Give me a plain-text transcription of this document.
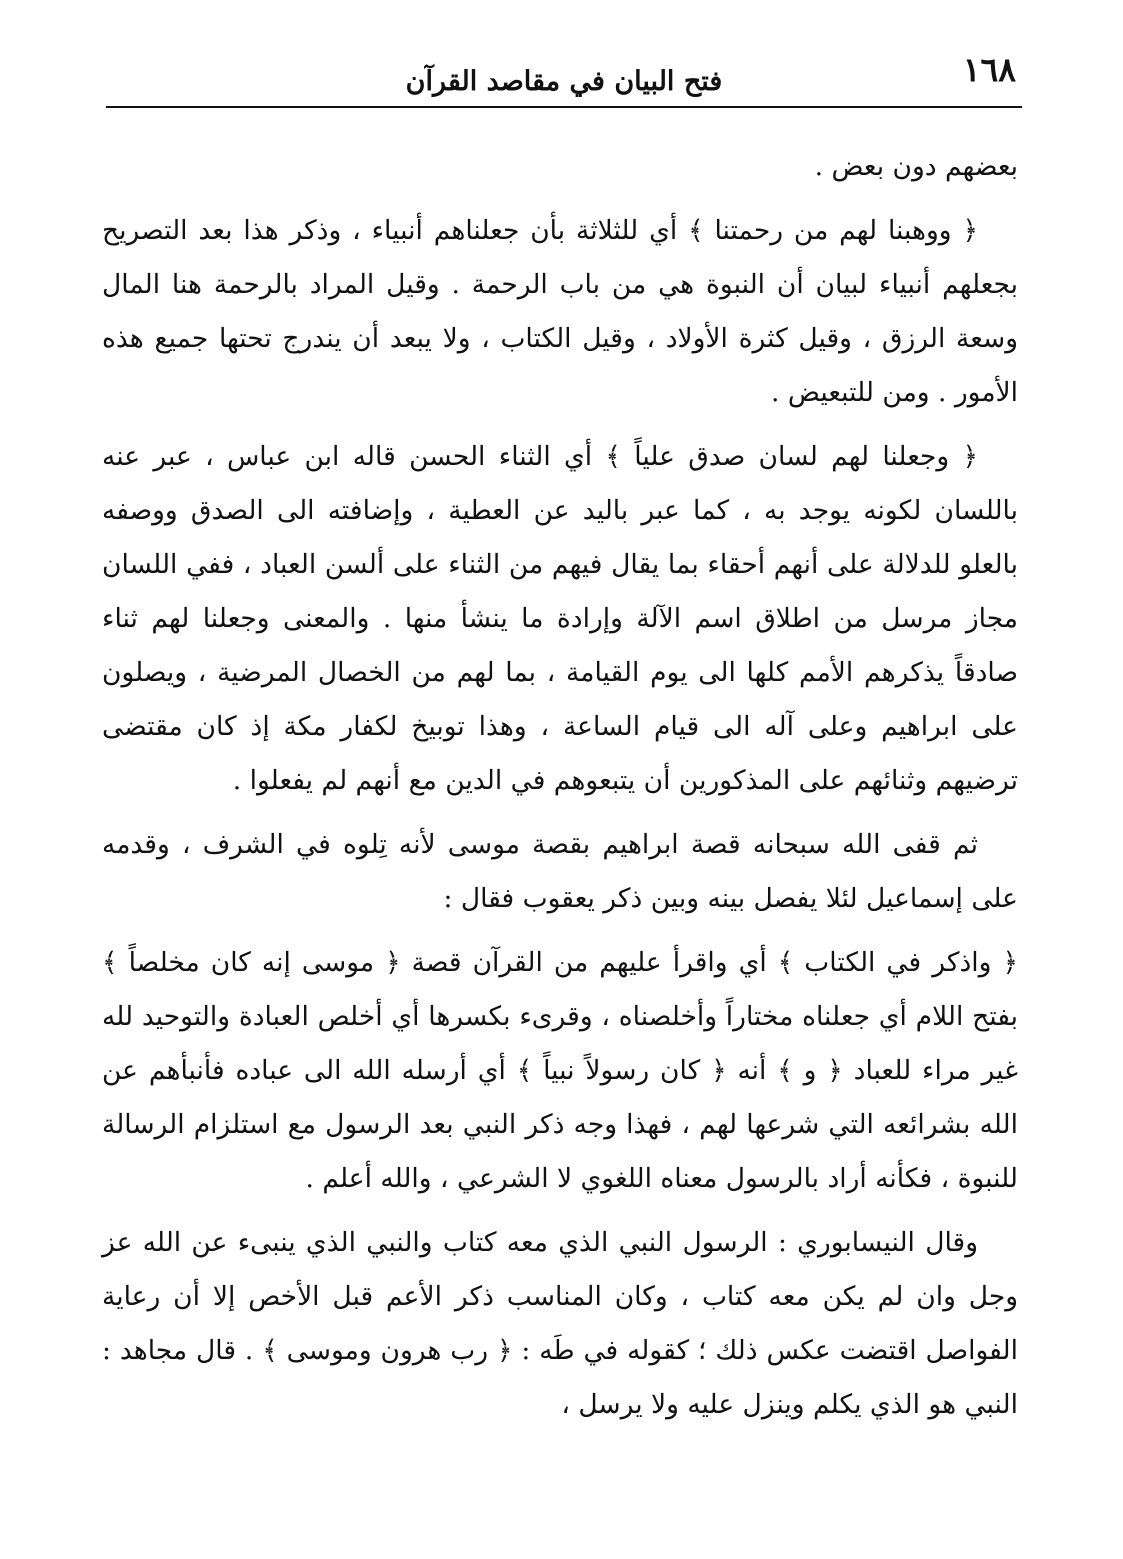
١٦٨
فتح البيان في مقاصد القرآن

بعضهم دون بعض .

﴿ ووهبنا لهم من رحمتنا ﴾ أي للثلاثة بأن جعلناهم أنبياء ، وذكر هذا بعد التصريح بجعلهم أنبياء لبيان أن النبوة هي من باب الرحمة . وقيل المراد بالرحمة هنا المال وسعة الرزق ، وقيل كثرة الأولاد ، وقيل الكتاب ، ولا يبعد أن يندرج تحتها جميع هذه الأمور . ومن للتبعيض .

﴿ وجعلنا لهم لسان صدق علياً ﴾ أي الثناء الحسن قاله ابن عباس ، عبر عنه باللسان لكونه يوجد به ، كما عبر باليد عن العطية ، وإضافته الى الصدق ووصفه بالعلو للدلالة على أنهم أحقاء بما يقال فيهم من الثناء على ألسن العباد ، ففي اللسان مجاز مرسل من اطلاق اسم الآلة وإرادة ما ينشأ منها . والمعنى وجعلنا لهم ثناء صادقاً يذكرهم الأمم كلها الى يوم القيامة ، بما لهم من الخصال المرضية ، ويصلون على ابراهيم وعلى آله الى قيام الساعة ، وهذا توبيخ لكفار مكة إذ كان مقتضى ترضيهم وثنائهم على المذكورين أن يتبعوهم في الدين مع أنهم لم يفعلوا .

ثم قفى الله سبحانه قصة ابراهيم بقصة موسى لأنه تِلوه في الشرف ، وقدمه على إسماعيل لئلا يفصل بينه وبين ذكر يعقوب فقال :

﴿ واذكر في الكتاب ﴾ أي واقرأ عليهم من القرآن قصة ﴿ موسى إنه كان مخلصاً ﴾ بفتح اللام أي جعلناه مختاراً وأخلصناه ، وقرىء بكسرها أي أخلص العبادة والتوحيد لله غير مراء للعباد ﴿ و ﴾ أنه ﴿ كان رسولاً نبياً ﴾ أي أرسله الله الى عباده فأنبأهم عن الله بشرائعه التي شرعها لهم ، فهذا وجه ذكر النبي بعد الرسول مع استلزام الرسالة للنبوة ، فكأنه أراد بالرسول معناه اللغوي لا الشرعي ، والله أعلم .

وقال النيسابوري : الرسول النبي الذي معه كتاب والنبي الذي ينبىء عن الله عز وجل وان لم يكن معه كتاب ، وكان المناسب ذكر الأعم قبل الأخص إلا أن رعاية الفواصل اقتضت عكس ذلك ؛ كقوله في طَه : ﴿ رب هرون وموسى ﴾ . قال مجاهد : النبي هو الذي يكلم وينزل عليه ولا يرسل ،
